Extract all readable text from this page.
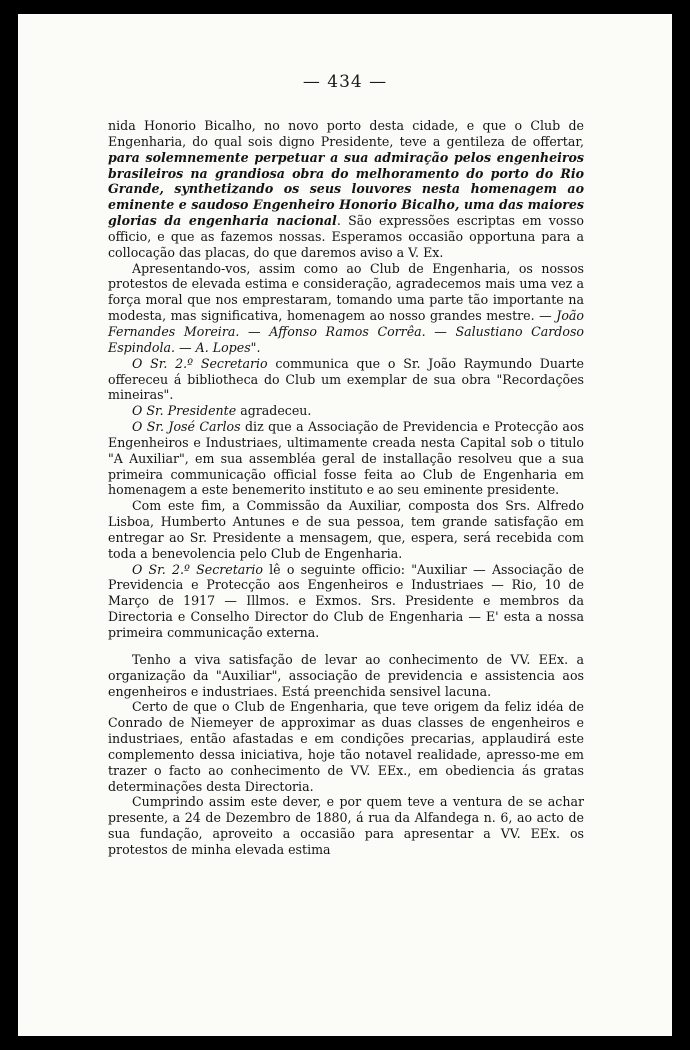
— 434 —

nida Honorio Bicalho, no novo porto desta cidade, e que o Club de Engenharia, do qual sois digno Presidente, teve a gentileza de offertar, para solemnemente perpetuar a sua admiração pelos engenheiros brasileiros na grandiosa obra do melhoramento do porto do Rio Grande, synthetizando os seus louvores nesta homenagem ao eminente e saudoso Engenheiro Honorio Bicalho, uma das maiores glorias da engenharia nacional. São expressões escriptas em vosso officio, e que as fazemos nossas. Esperamos occasião opportuna para a collocação das placas, do que daremos aviso a V. Ex.

Apresentando-vos, assim como ao Club de Engenharia, os nossos protestos de elevada estima e consideração, agradecemos mais uma vez a força moral que nos emprestaram, tomando uma parte tão importante na modesta, mas significativa, homenagem ao nosso grandes mestre. — João Fernandes Moreira. — Affonso Ramos Corrêa. — Salustiano Cardoso Espindola. — A. Lopes".

O Sr. 2.º Secretario communica que o Sr. João Raymundo Duarte offereceu á bibliotheca do Club um exemplar de sua obra "Recordações mineiras".

O Sr. Presidente agradeceu.

O Sr. José Carlos diz que a Associação de Previdencia e Protecção aos Engenheiros e Industriaes, ultimamente creada nesta Capital sob o titulo "A Auxiliar", em sua assembléa geral de installação resolveu que a sua primeira communicação official fosse feita ao Club de Engenharia em homenagem a este benemerito instituto e ao seu eminente presidente.

Com este fim, a Commissão da Auxiliar, composta dos Srs. Alfredo Lisboa, Humberto Antunes e de sua pessoa, tem grande satisfação em entregar ao Sr. Presidente a mensagem, que, espera, será recebida com toda a benevolencia pelo Club de Engenharia.

O Sr. 2.º Secretario lê o seguinte officio: "Auxiliar — Associação de Previdencia e Protecção aos Engenheiros e Industriaes — Rio, 10 de Março de 1917 — Illmos. e Exmos. Srs. Presidente e membros da Directoria e Conselho Director do Club de Engenharia — E' esta a nossa primeira communicação externa.

Tenho a viva satisfação de levar ao conhecimento de VV. EEx. a organização da "Auxiliar", associação de previdencia e assistencia aos engenheiros e industriaes. Está preenchida sensivel lacuna.

Certo de que o Club de Engenharia, que teve origem da feliz idéa de Conrado de Niemeyer de approximar as duas classes de engenheiros e industriaes, então afastadas e em condições precarias, applaudirá este complemento dessa iniciativa, hoje tão notavel realidade, apresso-me em trazer o facto ao conhecimento de VV. EEx., em obediencia ás gratas determinações desta Directoria.

Cumprindo assim este dever, e por quem teve a ventura de se achar presente, a 24 de Dezembro de 1880, á rua da Alfandega n. 6, ao acto de sua fundação, aproveito a occasião para apresentar a VV. EEx. os protestos de minha elevada estima
